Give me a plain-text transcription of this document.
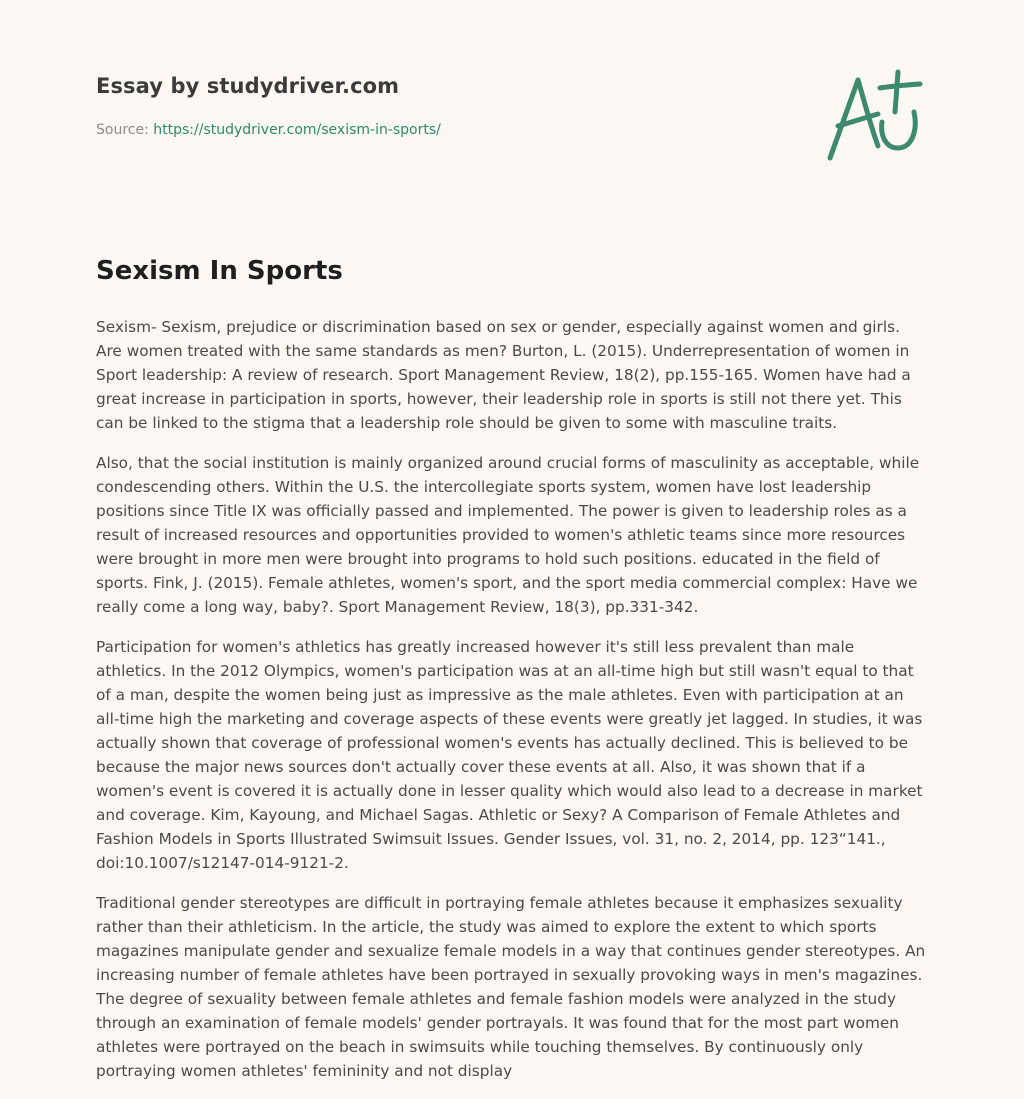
Essay by studydriver.com
Source: https://studydriver.com/sexism-in-sports/
Sexism In Sports

Sexism- Sexism, prejudice or discrimination based on sex or gender, especially against women and girls. Are women treated with the same standards as men? Burton, L. (2015). Underrepresentation of women in Sport leadership: A review of research. Sport Management Review, 18(2), pp.155-165. Women have had a great increase in participation in sports, however, their leadership role in sports is still not there yet. This can be linked to the stigma that a leadership role should be given to some with masculine traits.

Also, that the social institution is mainly organized around crucial forms of masculinity as acceptable, while condescending others. Within the U.S. the intercollegiate sports system, women have lost leadership positions since Title IX was officially passed and implemented. The power is given to leadership roles as a result of increased resources and opportunities provided to women's athletic teams since more resources were brought in more men were brought into programs to hold such positions. educated in the field of sports. Fink, J. (2015). Female athletes, women's sport, and the sport media commercial complex: Have we really come a long way, baby?. Sport Management Review, 18(3), pp.331-342.

Participation for women's athletics has greatly increased however it's still less prevalent than male athletics. In the 2012 Olympics, women's participation was at an all-time high but still wasn't equal to that of a man, despite the women being just as impressive as the male athletes. Even with participation at an all-time high the marketing and coverage aspects of these events were greatly jet lagged. In studies, it was actually shown that coverage of professional women's events has actually declined. This is believed to be because the major news sources don't actually cover these events at all. Also, it was shown that if a women's event is covered it is actually done in lesser quality which would also lead to a decrease in market and coverage. Kim, Kayoung, and Michael Sagas. Athletic or Sexy? A Comparison of Female Athletes and Fashion Models in Sports Illustrated Swimsuit Issues. Gender Issues, vol. 31, no. 2, 2014, pp. 123“141., doi:10.1007/s12147-014-9121-2.

Traditional gender stereotypes are difficult in portraying female athletes because it emphasizes sexuality rather than their athleticism. In the article, the study was aimed to explore the extent to which sports magazines manipulate gender and sexualize female models in a way that continues gender stereotypes. An increasing number of female athletes have been portrayed in sexually provoking ways in men's magazines. The degree of sexuality between female athletes and female fashion models were analyzed in the study through an examination of female models' gender portrayals. It was found that for the most part women athletes were portrayed on the beach in swimsuits while touching themselves. By continuously only portraying women athletes' femininity and not display
